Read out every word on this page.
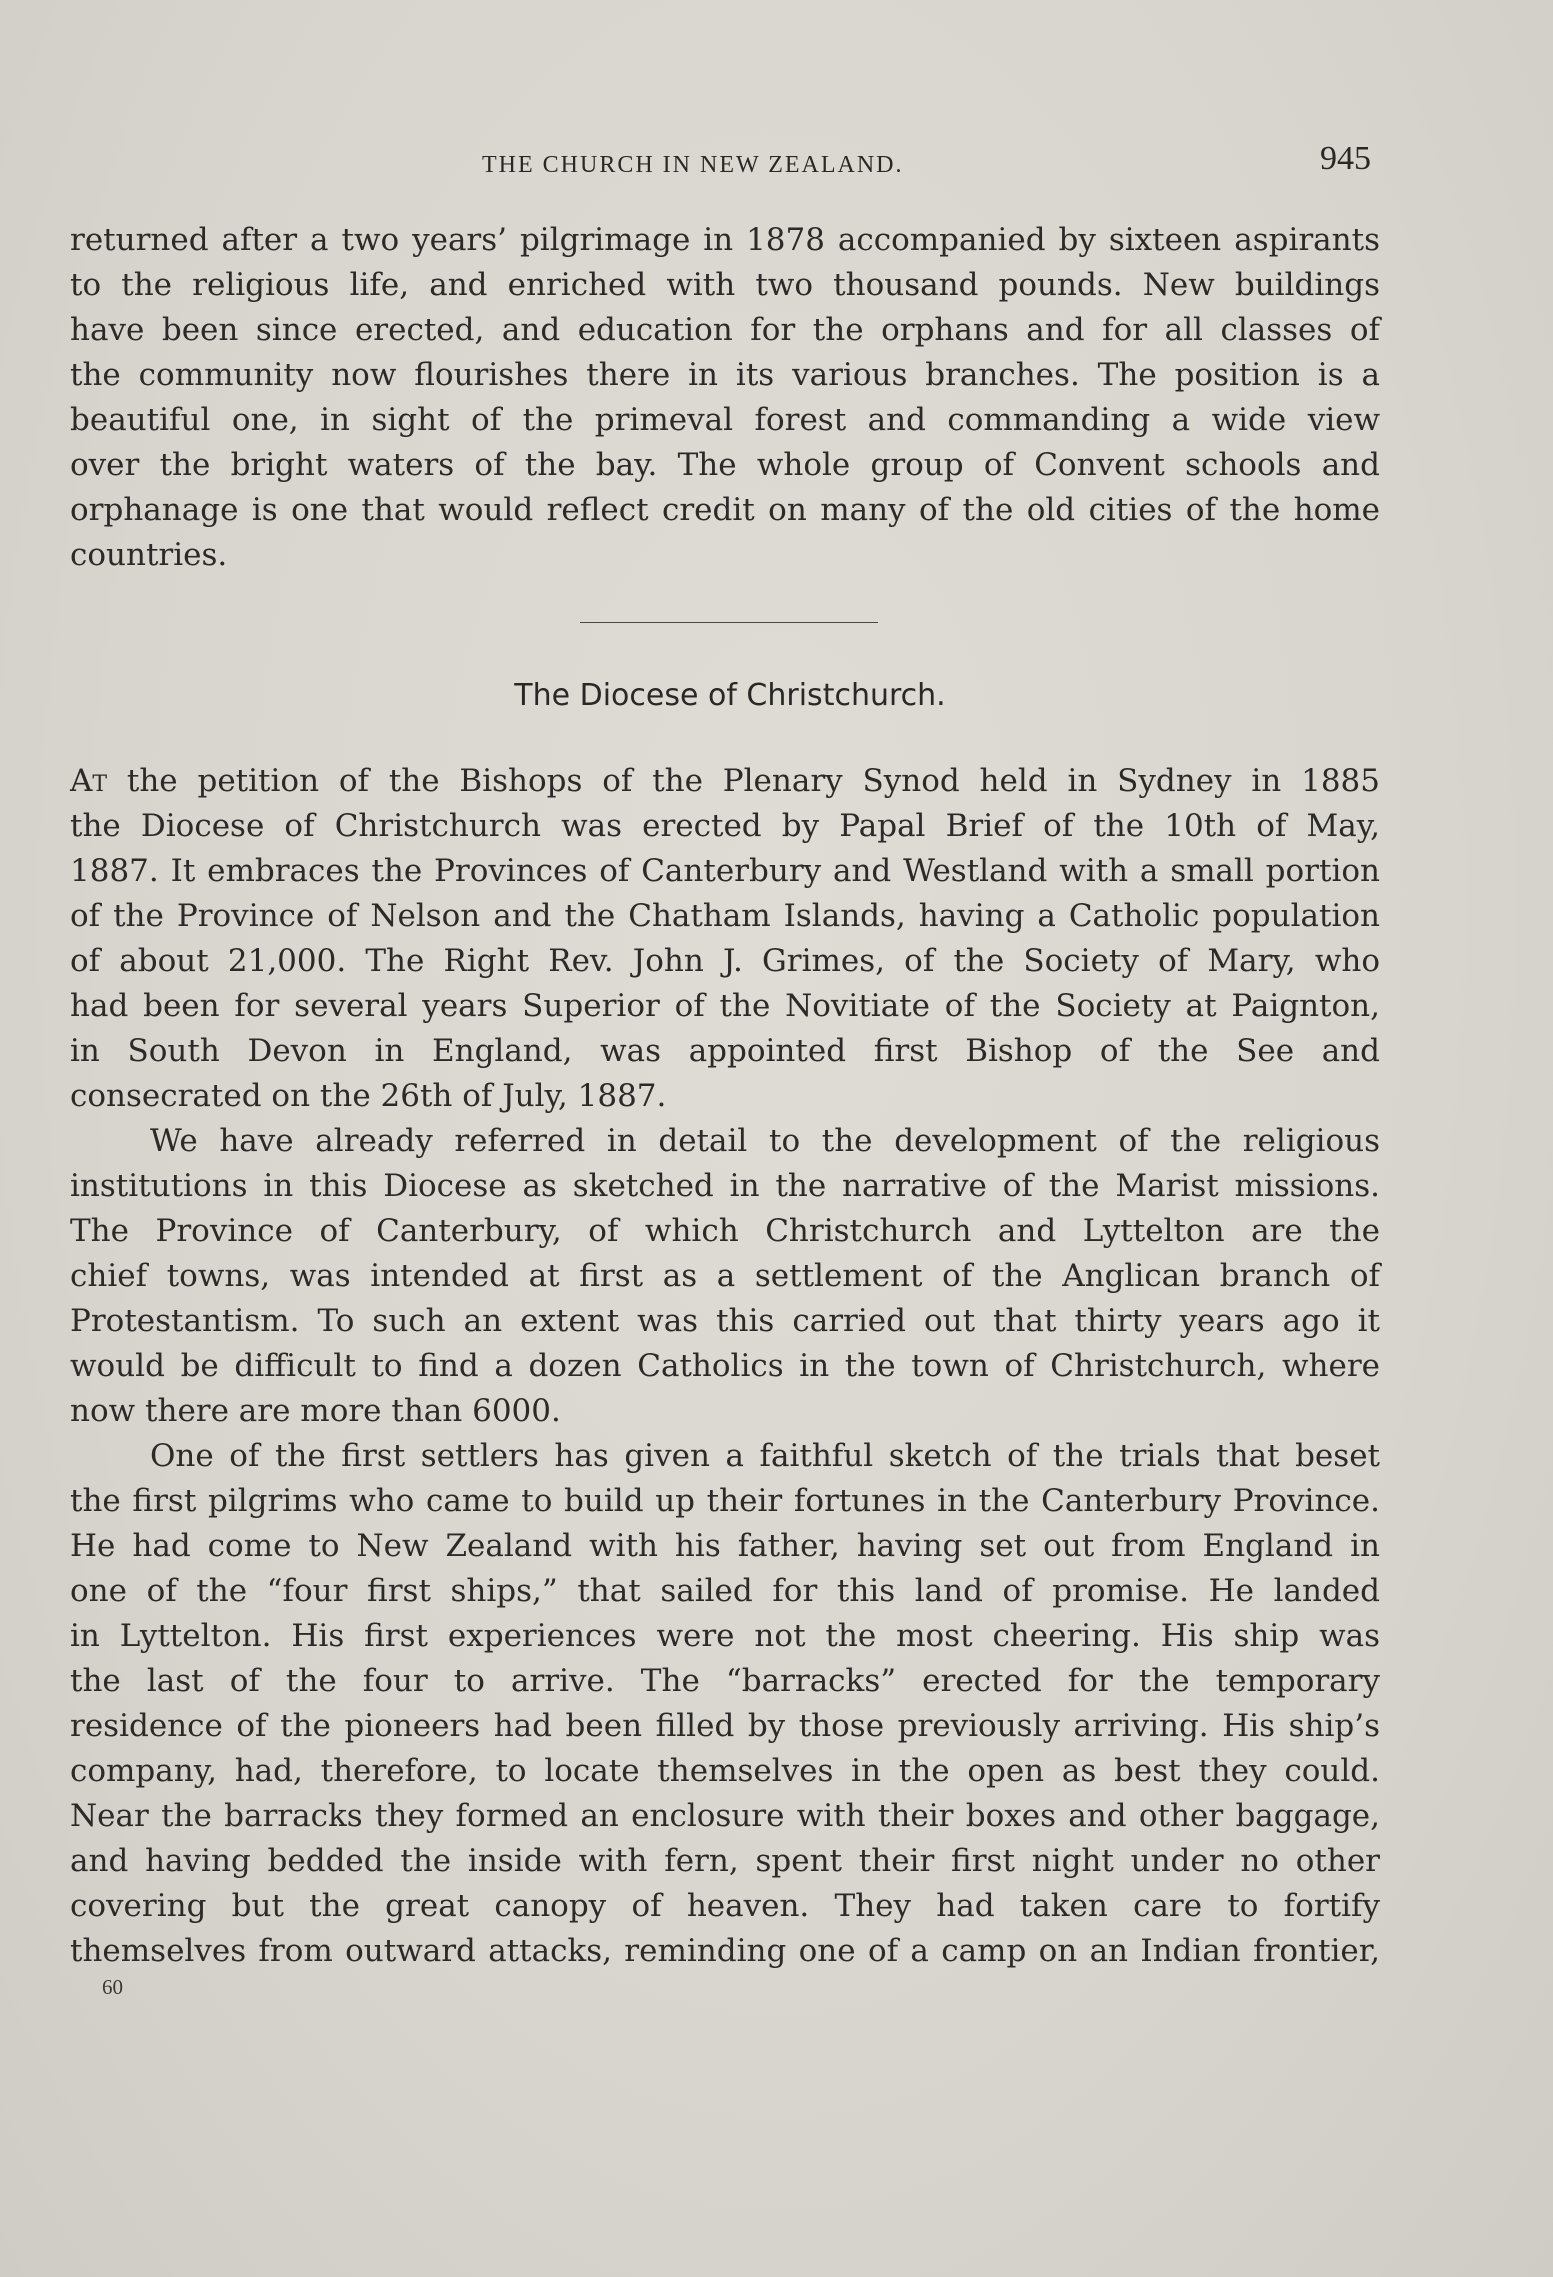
THE CHURCH IN NEW ZEALAND.	945
returned after a two years’ pilgrimage in 1878 accompanied by sixteen aspirants
to the religious life, and enriched with two thousand pounds. New buildings
have been since erected, and education for the orphans and for all classes of
the community now flourishes there in its various branches. The position is a
beautiful one, in sight of the primeval forest and commanding a wide view
over the bright waters of the bay. The whole group of Convent schools and
orphanage is one that would reflect credit on many of the old cities of the home
countries.
The Diocese of Christchurch.
At the petition of the Bishops of the Plenary Synod held in Sydney in 1885
the Diocese of Christchurch was erected by Papal Brief of the 10th of May,
1887. It embraces the Provinces of Canterbury and Westland with a small portion
of the Province of Nelson and the Chatham Islands, having a Catholic population
of about 21,000. The Right Rev. John J. Grimes, of the Society of Mary, who
had been for several years Superior of the Novitiate of the Society at Paignton,
in South Devon in England, was appointed first Bishop of the See and
consecrated on the 26th of July, 1887.
We have already referred in detail to the development of the religious
institutions in this Diocese as sketched in the narrative of the Marist missions.
The Province of Canterbury, of which Christchurch and Lyttelton are the
chief towns, was intended at first as a settlement of the Anglican branch of
Protestantism. To such an extent was this carried out that thirty years ago it
would be difficult to find a dozen Catholics in the town of Christchurch, where
now there are more than 6000.
One of the first settlers has given a faithful sketch of the trials that beset
the first pilgrims who came to build up their fortunes in the Canterbury Province.
He had come to New Zealand with his father, having set out from England in
one of the “four first ships,” that sailed for this land of promise. He landed
in Lyttelton. His first experiences were not the most cheering. His ship was
the last of the four to arrive. The “barracks” erected for the temporary
residence of the pioneers had been filled by those previously arriving. His ship’s
company, had, therefore, to locate themselves in the open as best they could.
Near the barracks they formed an enclosure with their boxes and other baggage,
and having bedded the inside with fern, spent their first night under no other
covering but the great canopy of heaven. They had taken care to fortify
themselves from outward attacks, reminding one of a camp on an Indian frontier,
60
